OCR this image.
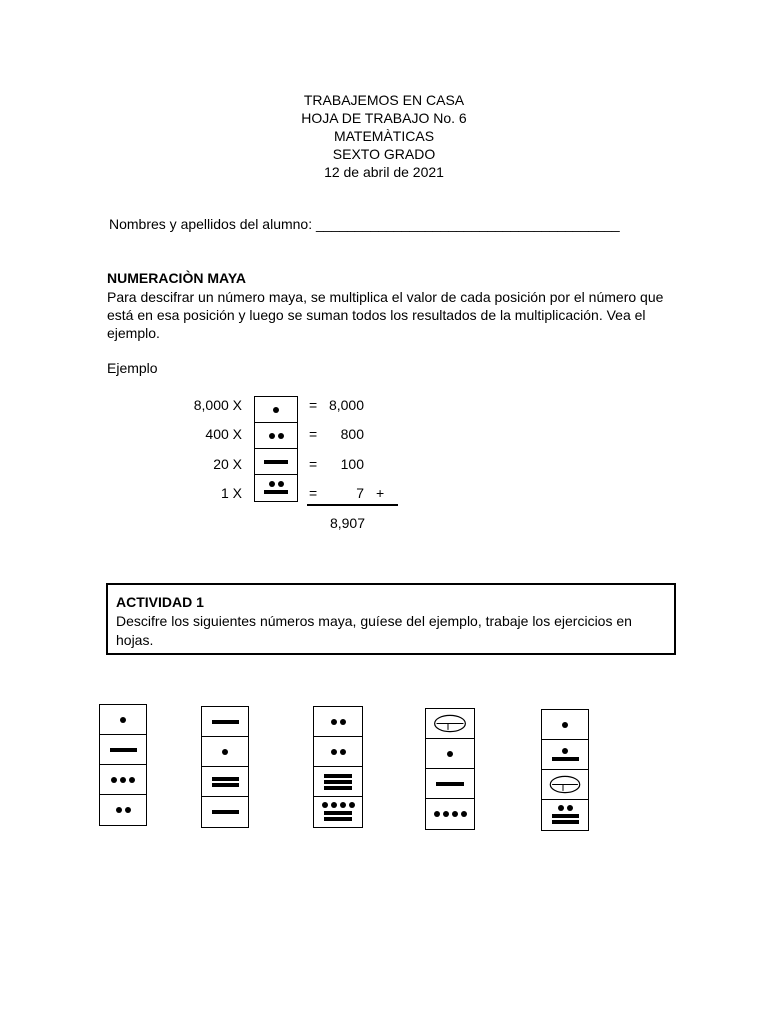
TRABAJEMOS EN CASA
HOJA DE TRABAJO No. 6
MATEMÀTICAS
SEXTO GRADO
12 de abril de 2021
Nombres y apellidos del alumno: _______________________________________
NUMERACIÒN MAYA
Para descifrar un número maya, se multiplica el valor de cada posición por el número que está en esa posición y luego se suman todos los resultados de la multiplicación. Vea el ejemplo.
Ejemplo
8,000 X
400 X
20 X
1 X
=
=
=
=
8,000
800
100
7 +
8,907
ACTIVIDAD 1
Descifre los siguientes números maya, guíese del ejemplo, trabaje los ejercicios en hojas.
